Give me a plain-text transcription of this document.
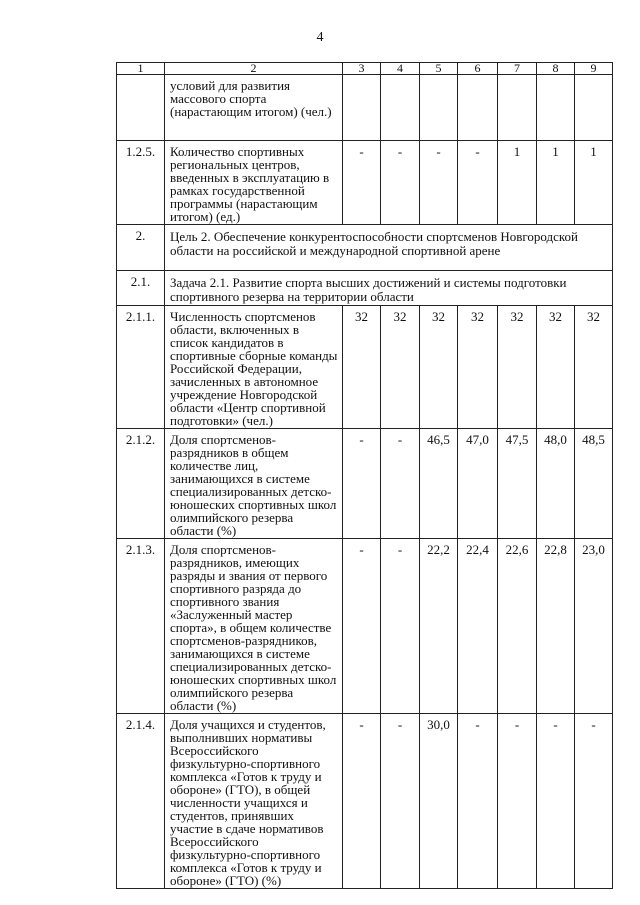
4
1	2	3	4	5	6	7	8	9
	условий для развития массового спорта (нарастающим итогом) (чел.)							
1.2.5.	Количество спортивных региональных центров, введенных в эксплуатацию в рамках государственной программы (нарастающим итогом) (ед.)	-	-	-	-	1	1	1
2.	Цель 2. Обеспечение конкурентоспособности спортсменов Новгородской области на российской и международной спортивной арене							
2.1.	Задача 2.1. Развитие спорта высших достижений и системы подготовки спортивного резерва на территории области							
2.1.1.	Численность спортсменов области, включенных в список кандидатов в спортивные сборные команды Российской Федерации, зачисленных в автономное учреждение Новгородской области «Центр спортивной подготовки» (чел.)	32	32	32	32	32	32	32
2.1.2.	Доля спортсменов-разрядников в общем количестве лиц, занимающихся в системе специализированных детско-юношеских спортивных школ олимпийского резерва области (%)	-	-	46,5	47,0	47,5	48,0	48,5
2.1.3.	Доля спортсменов-разрядников, имеющих разряды и звания от первого спортивного разряда до спортивного звания «Заслуженный мастер спорта», в общем количестве спортсменов-разрядников, занимающихся в системе специализированных детско-юношеских спортивных школ олимпийского резерва области (%)	-	-	22,2	22,4	22,6	22,8	23,0
2.1.4.	Доля учащихся и студентов, выполнивших нормативы Всероссийского физкультурно-спортивного комплекса «Готов к труду и обороне» (ГТО), в общей численности учащихся и студентов, принявших участие в сдаче нормативов Всероссийского физкультурно-спортивного комплекса «Готов к труду и обороне» (ГТО) (%)	-	-	30,0	-	-	-	-
